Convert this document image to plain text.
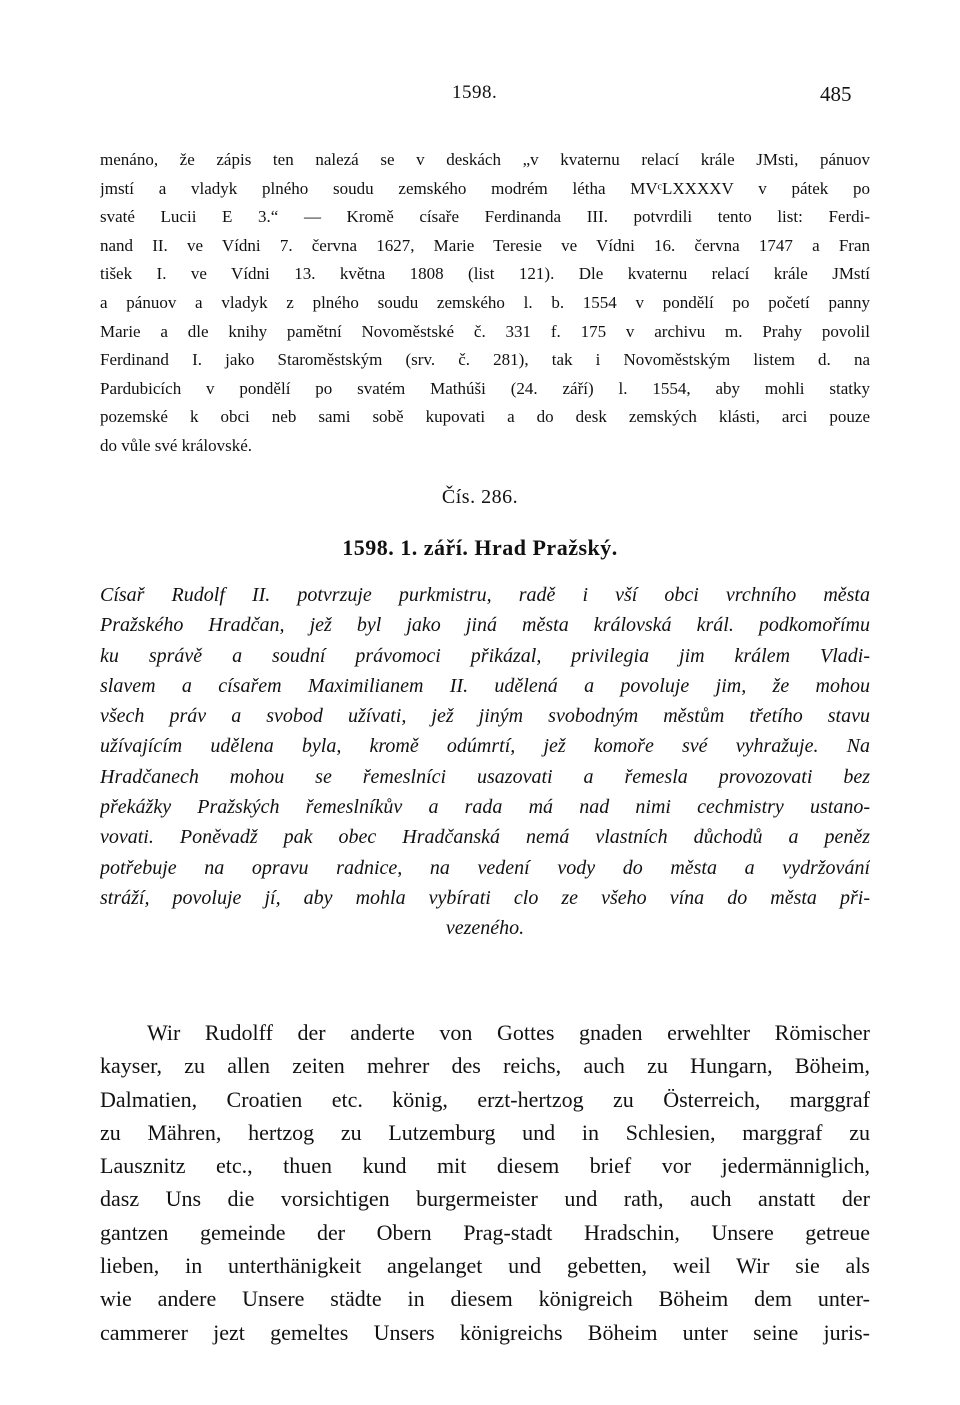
1598.	485
menáno, že zápis ten nalezá se v deskách „v kvaternu relací krále JMsti, pánuov
jmstí a vladyk plného soudu zemského modrém létha MVᶜLXXXXV v pátek po
svaté Lucii E 3.“ — Kromě císaře Ferdinanda III. potvrdili tento list: Ferdi-
nand II. ve Vídni 7. června 1627, Marie Teresie ve Vídni 16. června 1747 a Fran
tišek I. ve Vídni 13. května 1808 (list 121). Dle kvaternu relací krále JMstí
a pánuov a vladyk z plného soudu zemského l. b. 1554 v pondělí po početí panny
Marie a dle knihy pamětní Novoměstské č. 331 f. 175 v archivu m. Prahy povolil
Ferdinand I. jako Staroměstským (srv. č. 281), tak i Novoměstským listem d. na
Pardubicích v pondělí po svatém Mathúši (24. září) l. 1554, aby mohli statky
pozemské k obci neb sami sobě kupovati a do desk zemských klásti, arci pouze
do vůle své královské.
Čís. 286.
1598. 1. září. Hrad Pražský.
Císař Rudolf II. potvrzuje purkmistru, radě i vší obci vrchního města
Pražského Hradčan, jež byl jako jiná města královská král. podkomořímu
ku správě a soudní právomoci přikázal, privilegia jim králem Vladi-
slavem a císařem Maximilianem II. udělená a povoluje jim, že mohou
všech práv a svobod užívati, jež jiným svobodným městům třetího stavu
užívajícím udělena byla, kromě odúmrtí, jež komoře své vyhražuje. Na
Hradčanech mohou se řemeslníci usazovati a řemesla provozovati bez
překážky Pražských řemeslníkův a rada má nad nimi cechmistry ustano-
vovati. Poněvadž pak obec Hradčanská nemá vlastních důchodů a peněz
potřebuje na opravu radnice, na vedení vody do města a vydržování
stráží, povoluje jí, aby mohla vybírati clo ze všeho vína do města při-
vezeného.
Wir Rudolff der anderte von Gottes gnaden erwehlter Römischer
kayser, zu allen zeiten mehrer des reichs, auch zu Hungarn, Böheim,
Dalmatien, Croatien etc. könig, erzt-hertzog zu Österreich, marggraf
zu Mähren, hertzog zu Lutzemburg und in Schlesien, marggraf zu
Lausznitz etc., thuen kund mit diesem brief vor jedermänniglich,
dasz Uns die vorsichtigen burgermeister und rath, auch anstatt der
gantzen gemeinde der Obern Prag-stadt Hradschin, Unsere getreue
lieben, in unterthänigkeit angelanget und gebetten, weil Wir sie als
wie andere Unsere städte in diesem königreich Böheim dem unter-
cammerer jezt gemeltes Unsers königreichs Böheim unter seine juris-
